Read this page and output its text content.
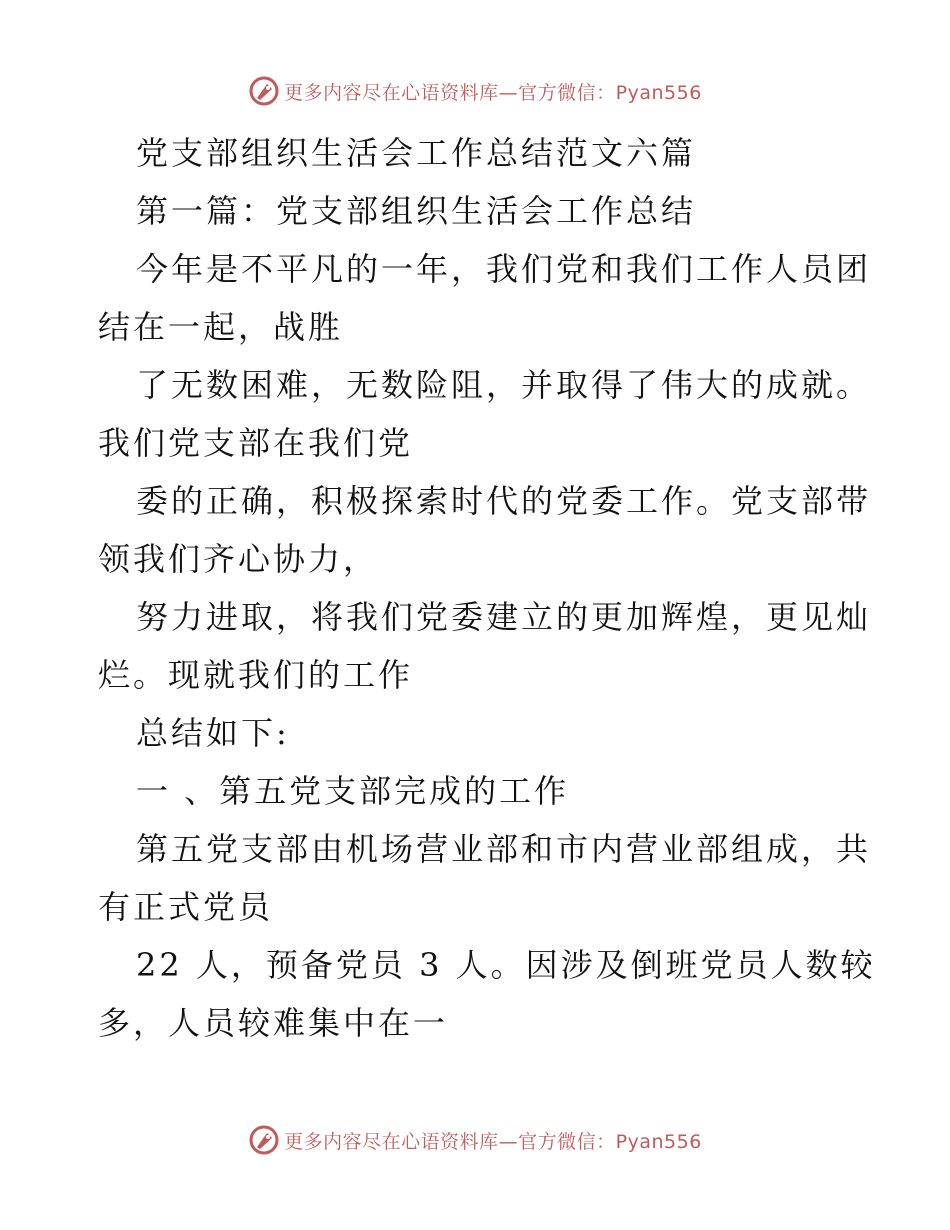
更多内容尽在心语资料库—官方微信：Pyan556
党支部组织生活会工作总结范文六篇
第一篇：党支部组织生活会工作总结
今年是不平凡的一年，我们党和我们工作人员团
结在一起，战胜
了无数困难，无数险阻，并取得了伟大的成就。
我们党支部在我们党
委的正确，积极探索时代的党委工作。党支部带
领我们齐心协力，
努力进取，将我们党委建立的更加辉煌，更见灿
烂。现就我们的工作
总结如下:
一 、第五党支部完成的工作
第五党支部由机场营业部和市内营业部组成，共
有正式党员
22 人，预备党员 3 人。因涉及倒班党员人数较
多，人员较难集中在一
更多内容尽在心语资料库—官方微信：Pyan556
